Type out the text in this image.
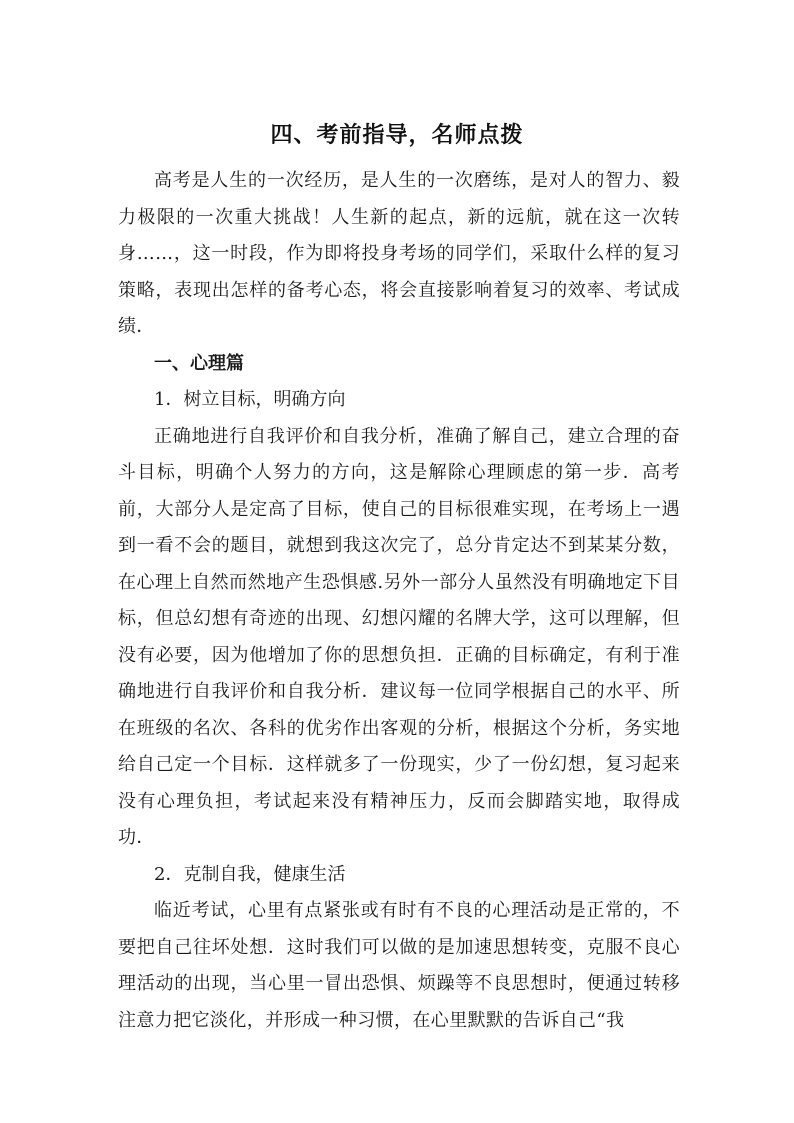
四、考前指导，名师点拨

高考是人生的一次经历，是人生的一次磨练，是对人的智力、毅力极限的一次重大挑战！人生新的起点，新的远航，就在这一次转身……，这一时段，作为即将投身考场的同学们，采取什么样的复习策略，表现出怎样的备考心态，将会直接影响着复习的效率、考试成绩．

一、心理篇

1．树立目标，明确方向

正确地进行自我评价和自我分析，准确了解自己，建立合理的奋斗目标，明确个人努力的方向，这是解除心理顾虑的第一步．高考前，大部分人是定高了目标，使自己的目标很难实现，在考场上一遇到一看不会的题目，就想到我这次完了，总分肯定达不到某某分数，在心理上自然而然地产生恐惧感.另外一部分人虽然没有明确地定下目标，但总幻想有奇迹的出现、幻想闪耀的名牌大学，这可以理解，但没有必要，因为他增加了你的思想负担．正确的目标确定，有利于准确地进行自我评价和自我分析．建议每一位同学根据自己的水平、所在班级的名次、各科的优劣作出客观的分析，根据这个分析，务实地给自己定一个目标．这样就多了一份现实，少了一份幻想，复习起来没有心理负担，考试起来没有精神压力，反而会脚踏实地，取得成功．

2．克制自我，健康生活

临近考试，心里有点紧张或有时有不良的心理活动是正常的，不要把自己往坏处想．这时我们可以做的是加速思想转变，克服不良心理活动的出现，当心里一冒出恐惧、烦躁等不良思想时，便通过转移注意力把它淡化，并形成一种习惯，在心里默默的告诉自己“我
